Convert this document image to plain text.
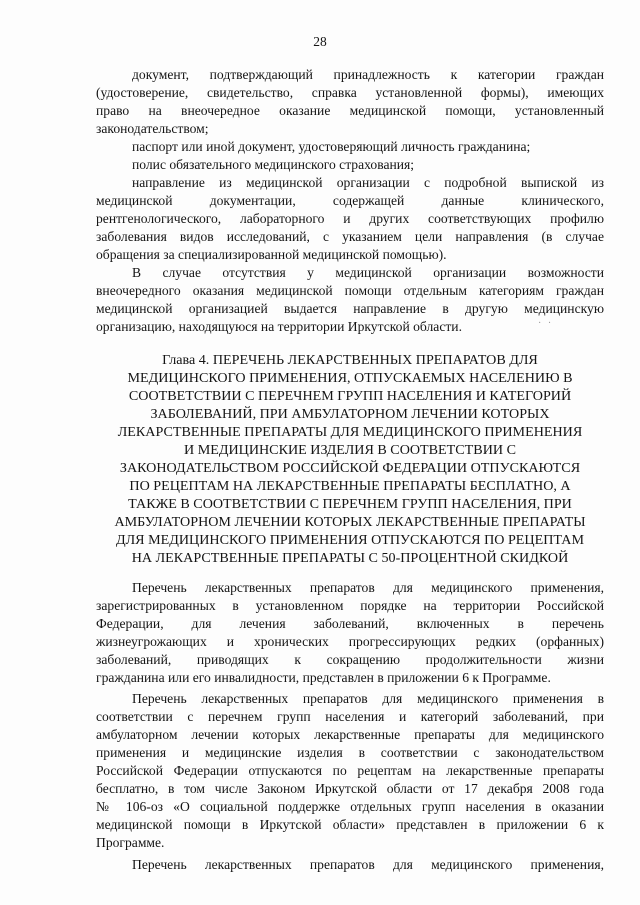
28
документ, подтверждающий принадлежность к категории граждан
(удостоверение, свидетельство, справка установленной формы), имеющих
право на внеочередное оказание медицинской помощи, установленный
законодательством;
паспорт или иной документ, удостоверяющий личность гражданина;
полис обязательного медицинского страхования;
направление из медицинской организации с подробной выпиской из
медицинской документации, содержащей данные клинического,
рентгенологического, лабораторного и других соответствующих профилю
заболевания видов исследований, с указанием цели направления (в случае
обращения за специализированной медицинской помощью).
В случае отсутствия у медицинской организации возможности
внеочередного оказания медицинской помощи отдельным категориям граждан
медицинской организацией выдается направление в другую медицинскую
организацию, находящуюся на территории Иркутской области.	· ·
Глава 4. ПЕРЕЧЕНЬ ЛЕКАРСТВЕННЫХ ПРЕПАРАТОВ ДЛЯ
МЕДИЦИНСКОГО ПРИМЕНЕНИЯ, ОТПУСКАЕМЫХ НАСЕЛЕНИЮ В
СООТВЕТСТВИИ С ПЕРЕЧНЕМ ГРУПП НАСЕЛЕНИЯ И КАТЕГОРИЙ
ЗАБОЛЕВАНИЙ, ПРИ АМБУЛАТОРНОМ ЛЕЧЕНИИ КОТОРЫХ
ЛЕКАРСТВЕННЫЕ ПРЕПАРАТЫ ДЛЯ МЕДИЦИНСКОГО ПРИМЕНЕНИЯ
И МЕДИЦИНСКИЕ ИЗДЕЛИЯ В СООТВЕТСТВИИ С
ЗАКОНОДАТЕЛЬСТВОМ РОССИЙСКОЙ ФЕДЕРАЦИИ ОТПУСКАЮТСЯ
ПО РЕЦЕПТАМ НА ЛЕКАРСТВЕННЫЕ ПРЕПАРАТЫ БЕСПЛАТНО, А
ТАКЖЕ В СООТВЕТСТВИИ С ПЕРЕЧНЕМ ГРУПП НАСЕЛЕНИЯ, ПРИ
АМБУЛАТОРНОМ ЛЕЧЕНИИ КОТОРЫХ ЛЕКАРСТВЕННЫЕ ПРЕПАРАТЫ
ДЛЯ МЕДИЦИНСКОГО ПРИМЕНЕНИЯ ОТПУСКАЮТСЯ ПО РЕЦЕПТАМ
НА ЛЕКАРСТВЕННЫЕ ПРЕПАРАТЫ С 50-ПРОЦЕНТНОЙ СКИДКОЙ
Перечень лекарственных препаратов для медицинского применения,
зарегистрированных в установленном порядке на территории Российской
Федерации, для лечения заболеваний, включенных в перечень
жизнеугрожающих и хронических прогрессирующих редких (орфанных)
заболеваний, приводящих к сокращению продолжительности жизни
гражданина или его инвалидности, представлен в приложении 6 к Программе.
Перечень лекарственных препаратов для медицинского применения в
соответствии с перечнем групп населения и категорий заболеваний, при
амбулаторном лечении которых лекарственные препараты для медицинского
применения и медицинские изделия в соответствии с законодательством
Российской Федерации отпускаются по рецептам на лекарственные препараты
бесплатно, в том числе Законом Иркутской области от 17 декабря 2008 года
№ 106-оз «О социальной поддержке отдельных групп населения в оказании
медицинской помощи в Иркутской области» представлен в приложении 6 к
Программе.
Перечень лекарственных препаратов для медицинского применения,
